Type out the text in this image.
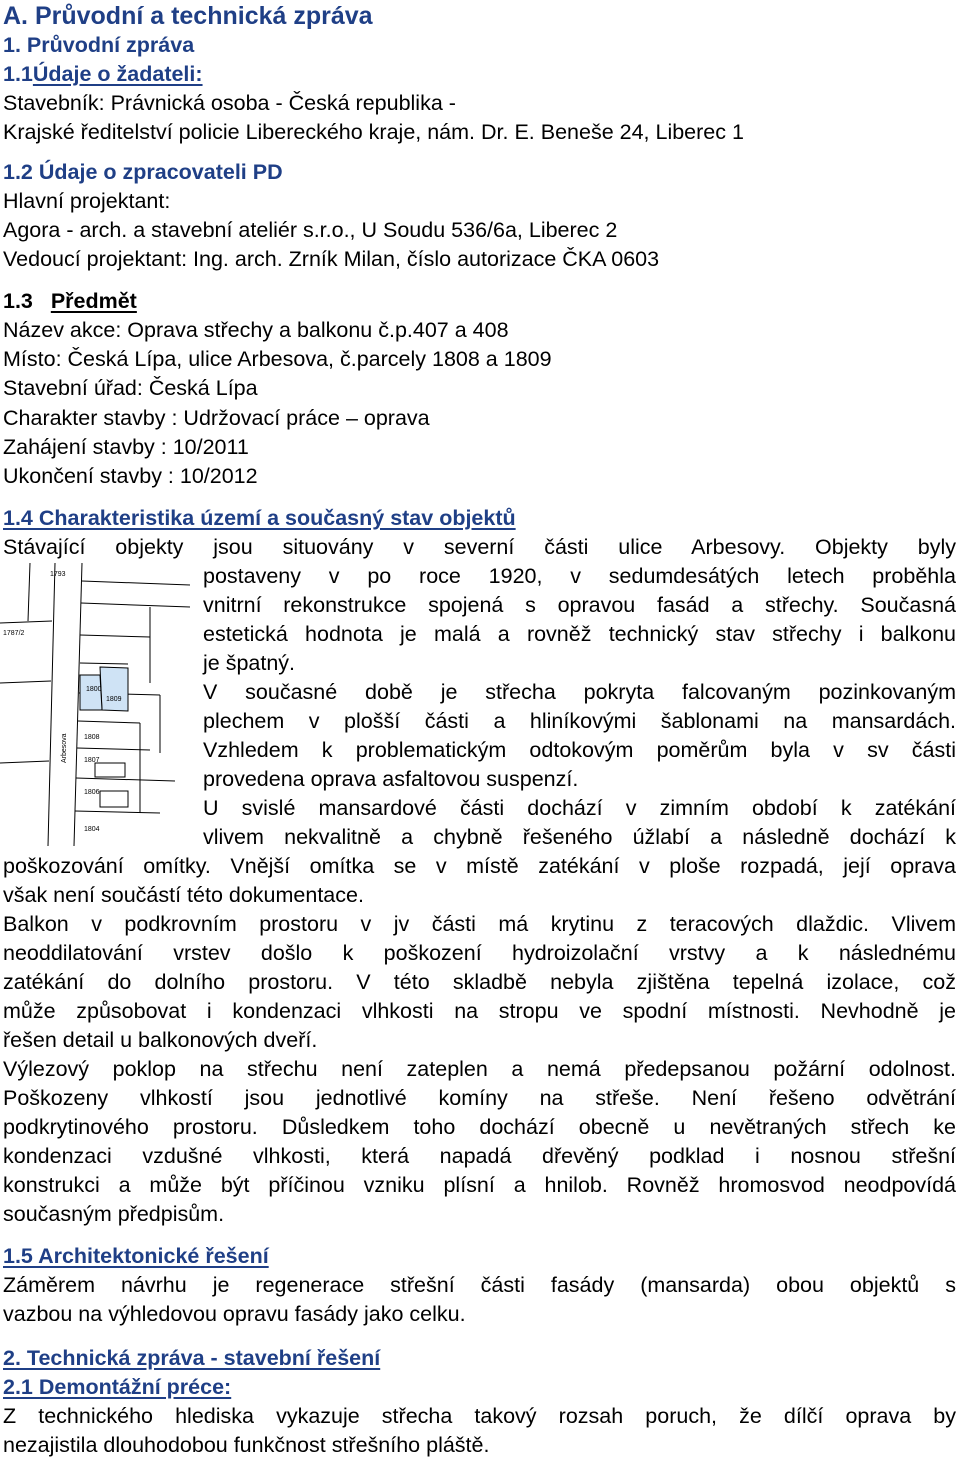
A. Průvodní a technická zpráva
1. Průvodní zpráva
1.1Údaje o žadateli:
Stavebník: Právnická osoba - Česká republika -
Krajské ředitelství policie Libereckého kraje, nám. Dr. E. Beneše 24, Liberec 1
1.2 Údaje o zpracovateli PD
Hlavní projektant:
Agora - arch. a stavební ateliér s.r.o., U Soudu 536/6a, Liberec 2
Vedoucí projektant: Ing. arch. Zrník Milan, číslo autorizace ČKA 0603
1.3 Předmět
Název akce: Oprava střechy a balkonu č.p.407 a 408
Místo: Česká Lípa, ulice Arbesova, č.parcely 1808 a 1809
Stavební úřad: Česká Lípa
Charakter stavby : Udržovací práce – oprava
Zahájení stavby : 10/2011
Ukončení stavby : 10/2012
1.4 Charakteristika území a současný stav objektů
Stávající objekty jsou situovány v severní části ulice Arbesovy. Objekty byly
postaveny v po roce 1920, v sedumdesátých letech proběhla
vnitrní rekonstrukce spojená s opravou fasád a střechy. Současná
estetická hodnota je malá a rovněž technický stav střechy i balkonu
je špatný.
V současné době je střecha pokryta falcovaným pozinkovaným
plechem v plošší části a hliníkovými šablonami na mansardách.
Vzhledem k problematickým odtokovým poměrům byla v sv části
provedena oprava asfaltovou suspenzí.
U svislé mansardové části dochází v zimním období k zatékání
vlivem nekvalitně a chybně řešeného úžlabí a následně dochází k
poškozování omítky. Vnější omítka se v místě zatékání v ploše rozpadá, její oprava
však není součástí této dokumentace.
Balkon v podkrovním prostoru v jv části má krytinu z teracových dlaždic. Vlivem
neoddilatování vrstev došlo k poškození hydroizolační vrstvy a k následnému
zatékání do dolního prostoru. V této skladbě nebyla zjištěna tepelná izolace, což
může způsobovat i kondenzaci vlhkosti na stropu ve spodní místnosti. Nevhodně je
řešen detail u balkonových dveří.
Výlezový poklop na střechu není zateplen a nemá předepsanou požární odolnost.
Poškozeny vlhkostí jsou jednotlivé komíny na střeše. Není řešeno odvětrání
podkrytinového prostoru. Důsledkem toho dochází obecně u nevětraných střech ke
kondenzaci vzdušné vlhkosti, která napadá dřevěný podklad i nosnou střešní
konstrukci a může být příčinou vzniku plísní a hnilob. Rovněž hromosvod neodpovídá
současným předpisům.
1.5 Architektonické řešení
Záměrem návrhu je regenerace střešní části fasády (mansarda) obou objektů s
vazbou na výhledovou opravu fasády jako celku.
2. Technická zpráva - stavební řešení
2.1 Demontážní préce:
Z technického hlediska vykazuje střecha takový rozsah poruch, že dílčí oprava by
nezajistila dlouhodobou funkčnost střešního pláště.
1793
1787/2
1800
1809
Arbesova 1808
1807
1806
1804
